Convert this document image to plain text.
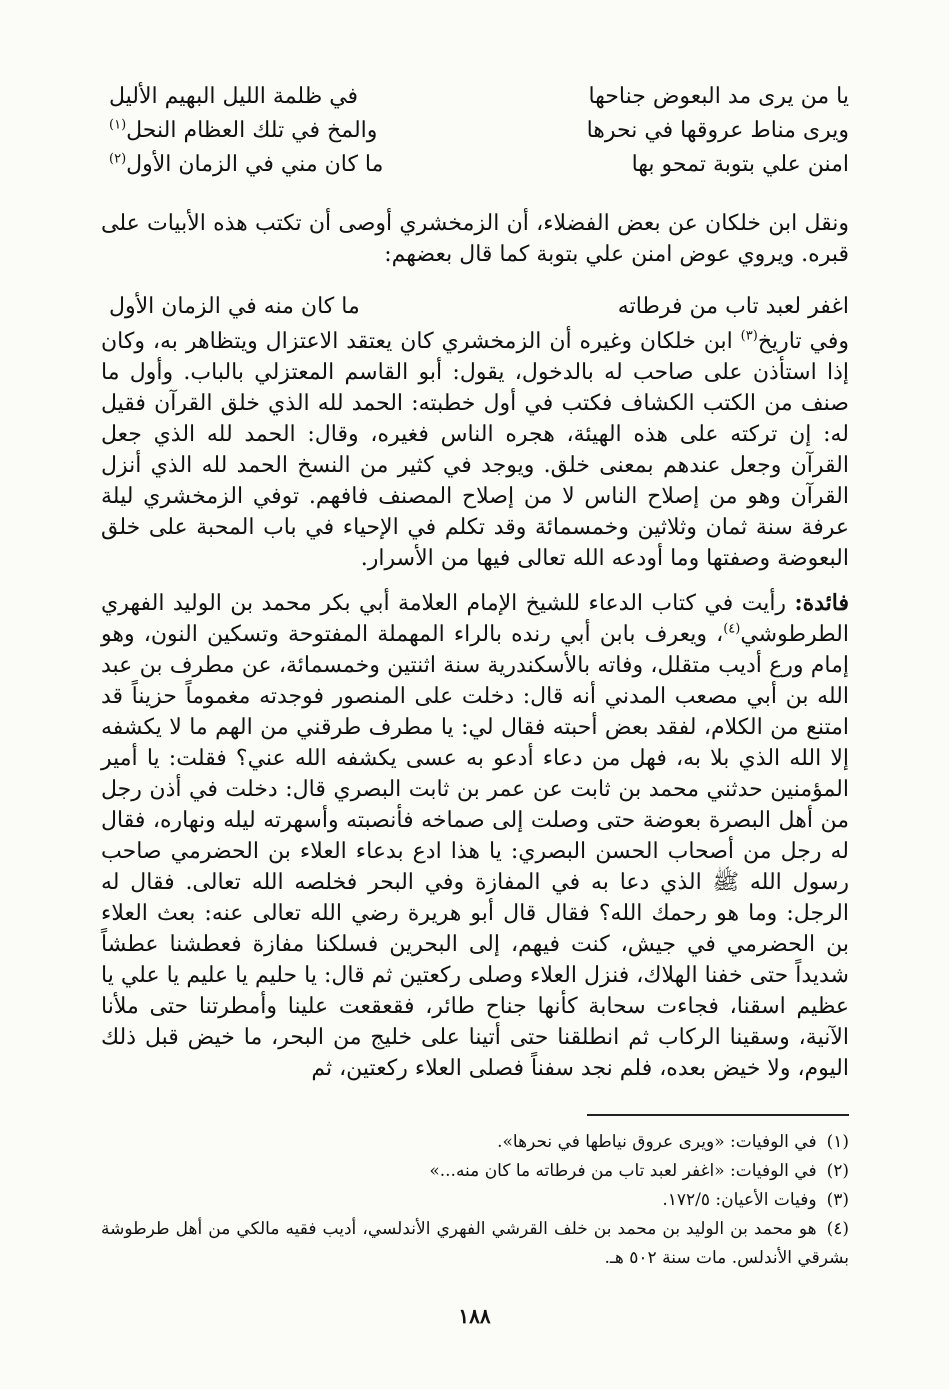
يا من يرى مد البعوض جناحها
في ظلمة الليل البهيم الأليل
ويرى مناط عروقها في نحرها
والمخ في تلك العظام النحل$^{(١)}$
امنن علي بتوبة تمحو بها
ما كان مني في الزمان الأول$^{(٢)}$

ونقل ابن خلكان عن بعض الفضلاء، أن الزمخشري أوصى أن تكتب هذه الأبيات على قبره. ويروي عوض امنن علي بتوبة كما قال بعضهم:

اغفر لعبد تاب من فرطاته
ما كان منه في الزمان الأول

وفي تاريخ$^{(٣)}$ ابن خلكان وغيره أن الزمخشري كان يعتقد الاعتزال ويتظاهر به، وكان إذا استأذن على صاحب له بالدخول، يقول: أبو القاسم المعتزلي بالباب. وأول ما صنف من الكتب الكشاف فكتب في أول خطبته: الحمد لله الذي خلق القرآن فقيل له: إن تركته على هذه الهيئة، هجره الناس فغيره، وقال: الحمد لله الذي جعل القرآن وجعل عندهم بمعنى خلق. ويوجد في كثير من النسخ الحمد لله الذي أنزل القرآن وهو من إصلاح الناس لا من إصلاح المصنف فافهم. توفي الزمخشري ليلة عرفة سنة ثمان وثلاثين وخمسمائة وقد تكلم في الإحياء في باب المحبة على خلق البعوضة وصفتها وما أودعه الله تعالى فيها من الأسرار.

فائدة: رأيت في كتاب الدعاء للشيخ الإمام العلامة أبي بكر محمد بن الوليد الفهري الطرطوشي$^{(٤)}$، ويعرف بابن أبي رنده بالراء المهملة المفتوحة وتسكين النون، وهو إمام ورع أديب متقلل، وفاته بالأسكندرية سنة اثنتين وخمسمائة، عن مطرف بن عبد الله بن أبي مصعب المدني أنه قال: دخلت على المنصور فوجدته مغموماً حزيناً قد امتنع من الكلام، لفقد بعض أحبته فقال لي: يا مطرف طرقني من الهم ما لا يكشفه إلا الله الذي بلا به، فهل من دعاء أدعو به عسى يكشفه الله عني؟ فقلت: يا أمير المؤمنين حدثني محمد بن ثابت عن عمر بن ثابت البصري قال: دخلت في أذن رجل من أهل البصرة بعوضة حتى وصلت إلى صماخه فأنصبته وأسهرته ليله ونهاره، فقال له رجل من أصحاب الحسن البصري: يا هذا ادع بدعاء العلاء بن الحضرمي صاحب رسول الله ﷺ الذي دعا به في المفازة وفي البحر فخلصه الله تعالى. فقال له الرجل: وما هو رحمك الله؟ فقال قال أبو هريرة رضي الله تعالى عنه: بعث العلاء بن الحضرمي في جيش، كنت فيهم، إلى البحرين فسلكنا مفازة فعطشنا عطشاً شديداً حتى خفنا الهلاك، فنزل العلاء وصلى ركعتين ثم قال: يا حليم يا عليم يا علي يا عظيم اسقنا، فجاءت سحابة كأنها جناح طائر، فقعقعت علينا وأمطرتنا حتى ملأنا الآنية، وسقينا الركاب ثم انطلقنا حتى أتينا على خليج من البحر، ما خيض قبل ذلك اليوم، ولا خيض بعده، فلم نجد سفناً فصلى العلاء ركعتين، ثم

(١)في الوفيات: «ويرى عروق نياطها في نحرها».

(٢)في الوفيات: «اغفر لعبد تاب من فرطاته ما كان منه...»

(٣)وفيات الأعيان: ١٧٢/٥.

(٤)هو محمد بن الوليد بن محمد بن خلف القرشي الفهري الأندلسي، أديب فقيه مالكي من أهل طرطوشة بشرقي الأندلس. مات سنة ٥٠٢ هـ.

١٨٨
